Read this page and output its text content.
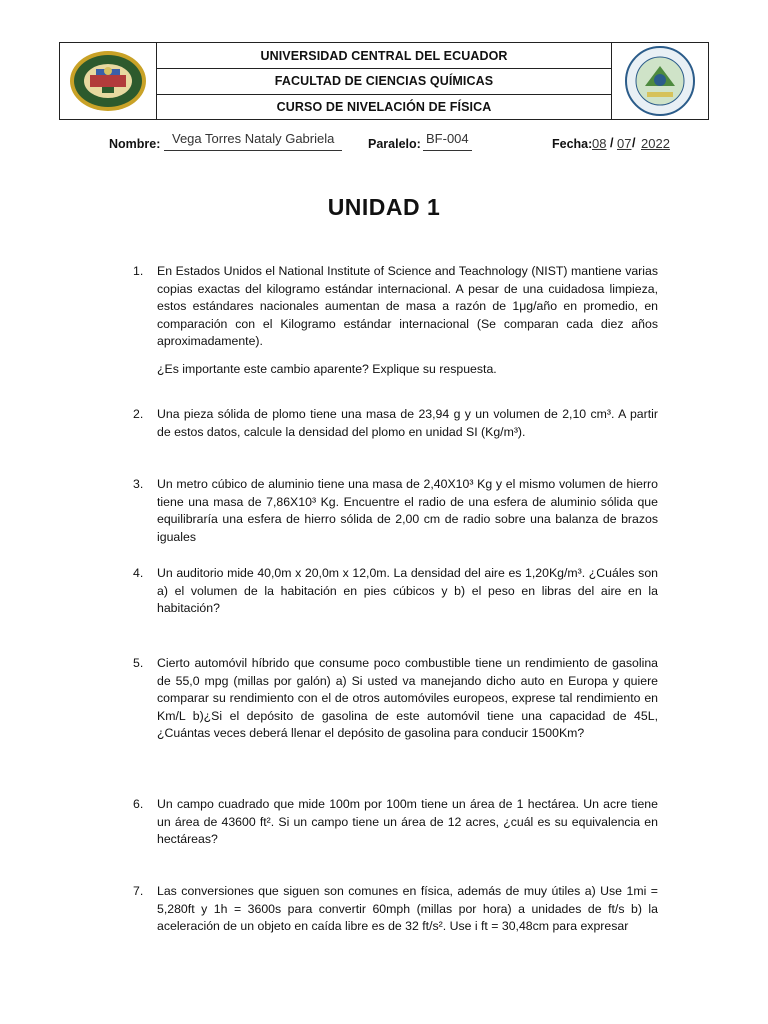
UNIVERSIDAD CENTRAL DEL ECUADOR
FACULTAD DE CIENCIAS QUÍMICAS
CURSO DE NIVELACIÓN DE FÍSICA
Nombre: Vega Torres Nataly Gabriela	Paralelo: BF-004	Fecha: 08 / 07 / 2022
UNIDAD 1
1. En Estados Unidos el National Institute of Science and Teachnology (NIST) mantiene varias copias exactas del kilogramo estándar internacional. A pesar de una cuidadosa limpieza, estos estándares nacionales aumentan de masa a razón de 1μg/año en promedio, en comparación con el Kilogramo estándar internacional (Se comparan cada diez años aproximadamente).

¿Es importante este cambio aparente? Explique su respuesta.

2. Una pieza sólida de plomo tiene una masa de 23,94 g y un volumen de 2,10 cm³. A partir de estos datos, calcule la densidad del plomo en unidad SI (Kg/m³).

3. Un metro cúbico de aluminio tiene una masa de 2,40X10³ Kg y el mismo volumen de hierro tiene una masa de 7,86X10³ Kg. Encuentre el radio de una esfera de aluminio sólida que equilibraría una esfera de hierro sólida de 2,00 cm de radio sobre una balanza de brazos iguales

4. Un auditorio mide 40,0m x 20,0m x 12,0m. La densidad del aire es 1,20Kg/m³. ¿Cuáles son a) el volumen de la habitación en pies cúbicos y b) el peso en libras del aire en la habitación?

5. Cierto automóvil híbrido que consume poco combustible tiene un rendimiento de gasolina de 55,0 mpg (millas por galón) a) Si usted va manejando dicho auto en Europa y quiere comparar su rendimiento con el de otros automóviles europeos, exprese tal rendimiento en Km/L b)¿Si el depósito de gasolina de este automóvil tiene una capacidad de 45L, ¿Cuántas veces deberá llenar el depósito de gasolina para conducir 1500Km?

6. Un campo cuadrado que mide 100m por 100m tiene un área de 1 hectárea. Un acre tiene un área de 43600 ft². Si un campo tiene un área de 12 acres, ¿cuál es su equivalencia en hectáreas?

7. Las conversiones que siguen son comunes en física, además de muy útiles a) Use 1mi = 5,280ft y 1h = 3600s para convertir 60mph (millas por hora) a unidades de ft/s b) la aceleración de un objeto en caída libre es de 32 ft/s². Use i ft = 30,48cm para expresar
